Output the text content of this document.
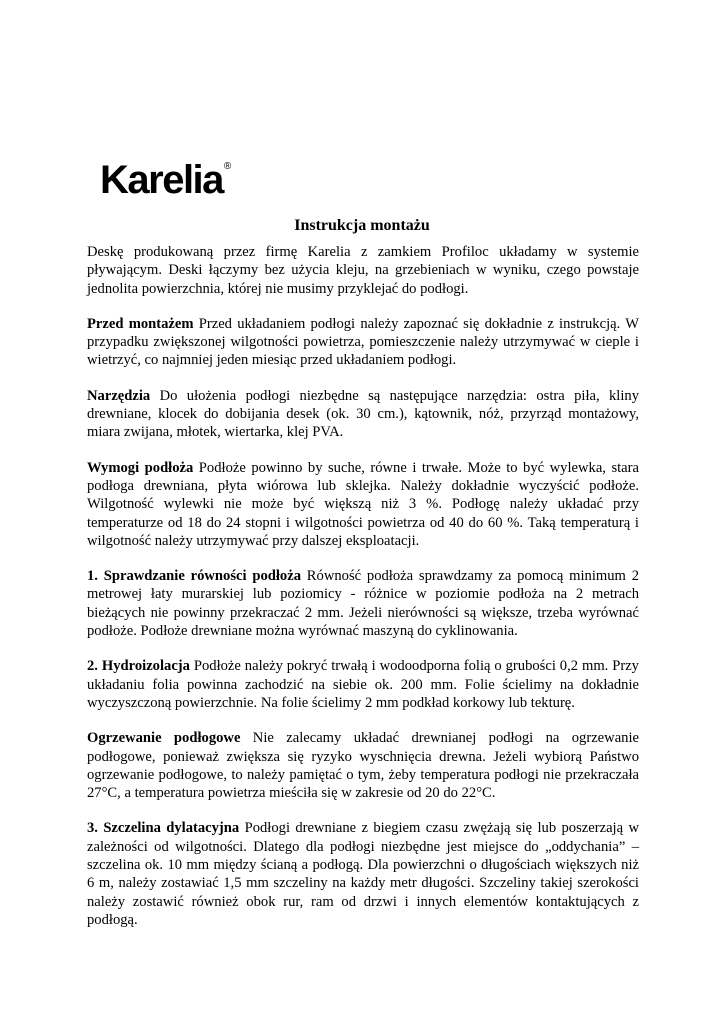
Karelia ®
Instrukcja montażu

Deskę produkowaną przez firmę Karelia z zamkiem Profiloc układamy w systemie pływającym. Deski łączymy bez użycia kleju, na grzebieniach w wyniku, czego powstaje jednolita powierzchnia, której nie musimy przyklejać do podłogi.

Przed montażem Przed układaniem podłogi należy zapoznać się dokładnie z instrukcją. W przypadku zwiększonej wilgotności powietrza, pomieszczenie należy utrzymywać w cieple i wietrzyć, co najmniej jeden miesiąc przed układaniem podłogi.

Narzędzia Do ułożenia podłogi niezbędne są następujące narzędzia: ostra piła, kliny drewniane, klocek do dobijania desek (ok. 30 cm.), kątownik, nóż, przyrząd montażowy, miara zwijana, młotek, wiertarka, klej PVA.

Wymogi podłoża Podłoże powinno by suche, równe i trwałe. Może to być wylewka, stara podłoga drewniana, płyta wiórowa lub sklejka. Należy dokładnie wyczyścić podłoże. Wilgotność wylewki nie może być większą niż 3 %. Podłogę należy układać przy temperaturze od 18 do 24 stopni i wilgotności powietrza od 40 do 60 %. Taką temperaturą i wilgotność należy utrzymywać przy dalszej eksploatacji.

1. Sprawdzanie równości podłoża Równość podłoża sprawdzamy za pomocą minimum 2 metrowej łaty murarskiej lub poziomicy - różnice w poziomie podłoża na 2 metrach bieżących nie powinny przekraczać 2 mm. Jeżeli nierówności są większe, trzeba wyrównać podłoże. Podłoże drewniane można wyrównać maszyną do cyklinowania.

2. Hydroizolacja Podłoże należy pokryć trwałą i wodoodporna folią o grubości 0,2 mm. Przy układaniu folia powinna zachodzić na siebie ok. 200 mm. Folie ścielimy na dokładnie wyczyszczoną powierzchnie. Na folie ścielimy 2 mm podkład korkowy lub tekturę.

Ogrzewanie podłogowe Nie zalecamy układać drewnianej podłogi na ogrzewanie podłogowe, ponieważ zwiększa się ryzyko wyschnięcia drewna. Jeżeli wybiorą Państwo ogrzewanie podłogowe, to należy pamiętać o tym, żeby temperatura podłogi nie przekraczała 27°C, a temperatura powietrza mieściła się w zakresie od 20 do 22°C.

3. Szczelina dylatacyjna Podłogi drewniane z biegiem czasu zwężają się lub poszerzają w zależności od wilgotności. Dlatego dla podłogi niezbędne jest miejsce do „oddychania” – szczelina ok. 10 mm między ścianą a podłogą. Dla powierzchni o długościach większych niż 6 m, należy zostawiać 1,5 mm szczeliny na każdy metr długości. Szczeliny takiej szerokości należy zostawić również obok rur, ram od drzwi i innych elementów kontaktujących z podłogą.
